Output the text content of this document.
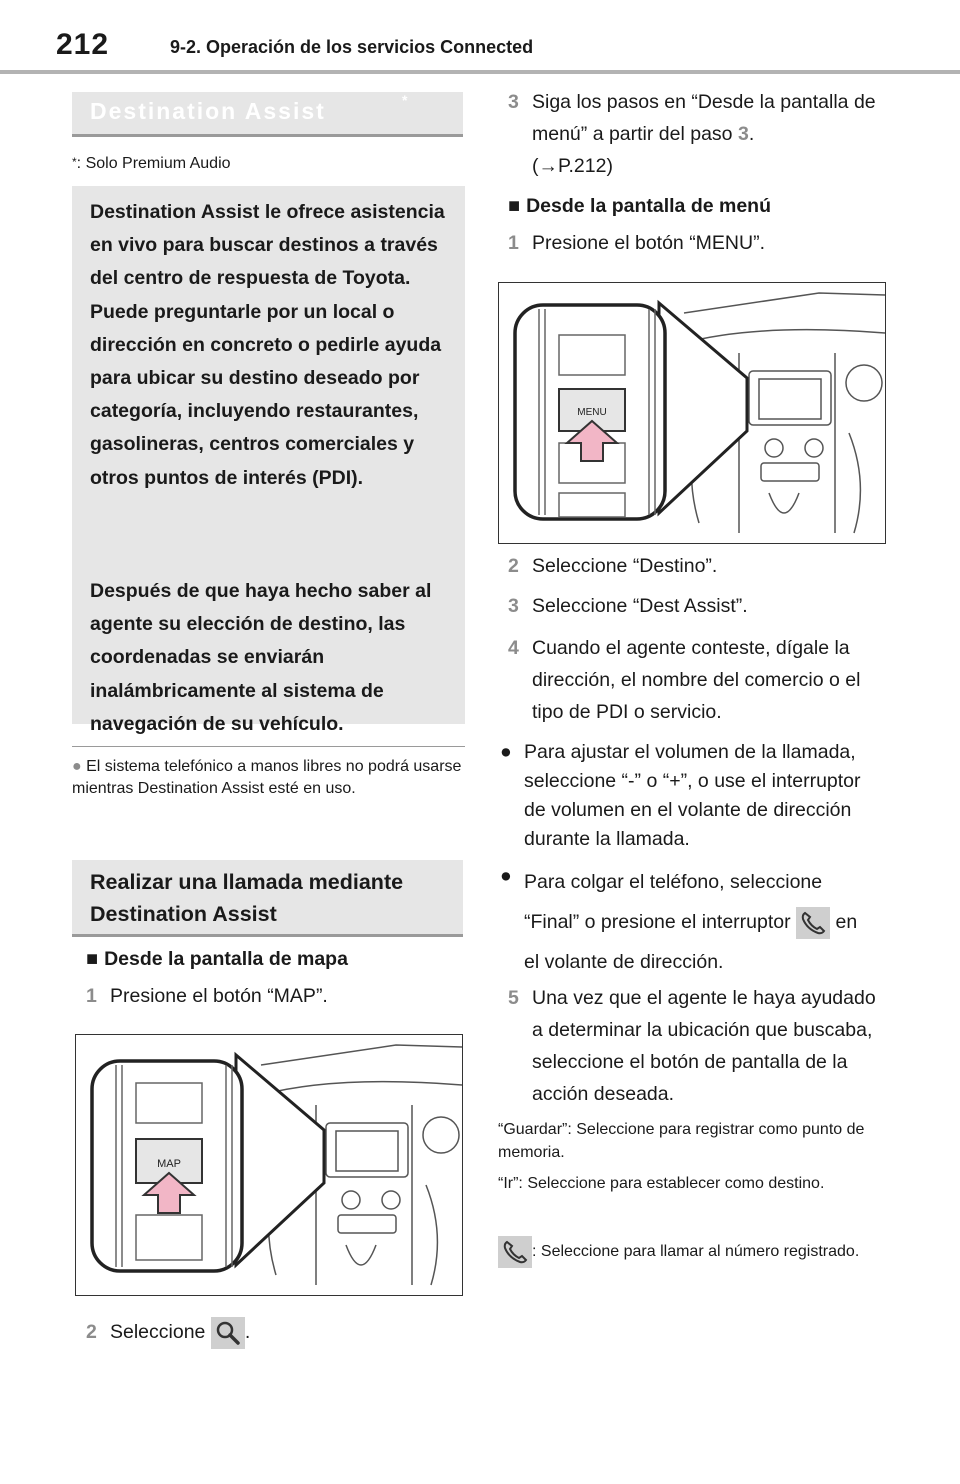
212	9-2. Operación de los servicios Connected
Destination Assist	*
*: Solo Premium Audio
Destination Assist le ofrece asistencia en vivo para buscar destinos a través del centro de respuesta de Toyota. Puede preguntarle por un local o dirección en concreto o pedirle ayuda para ubicar su destino deseado por categoría, incluyendo restaurantes, gasolineras, centros comerciales y otros puntos de interés (PDI).
Después de que haya hecho saber al agente su elección de destino, las coordenadas se enviarán inalámbricamente al sistema de navegación de su vehículo.
● El sistema telefónico a manos libres no podrá usarse mientras Destination Assist esté en uso.
Realizar una llamada mediante Destination Assist
■ Desde la pantalla de mapa
1 Presione el botón “MAP”.
MAP
2 Seleccione .
3 Siga los pasos en “Desde la pantalla de menú” a partir del paso 3.
(→P.212)
■ Desde la pantalla de menú
1 Presione el botón “MENU”.
MENU
2 Seleccione “Destino”.
3 Seleccione “Dest Assist”.
4 Cuando el agente conteste, dígale la dirección, el nombre del comercio o el tipo de PDI o servicio.
● Para ajustar el volumen de la llamada, seleccione “-” o “+”, o use el interruptor de volumen en el volante de dirección durante la llamada.
● Para colgar el teléfono, seleccione “Final” o presione el interruptor en el volante de dirección.
5 Una vez que el agente le haya ayudado a determinar la ubicación que buscaba, seleccione el botón de pantalla de la acción deseada.
“Guardar”: Seleccione para registrar como punto de memoria.
“Ir”: Seleccione para establecer como destino.
: Seleccione para llamar al número registrado.
